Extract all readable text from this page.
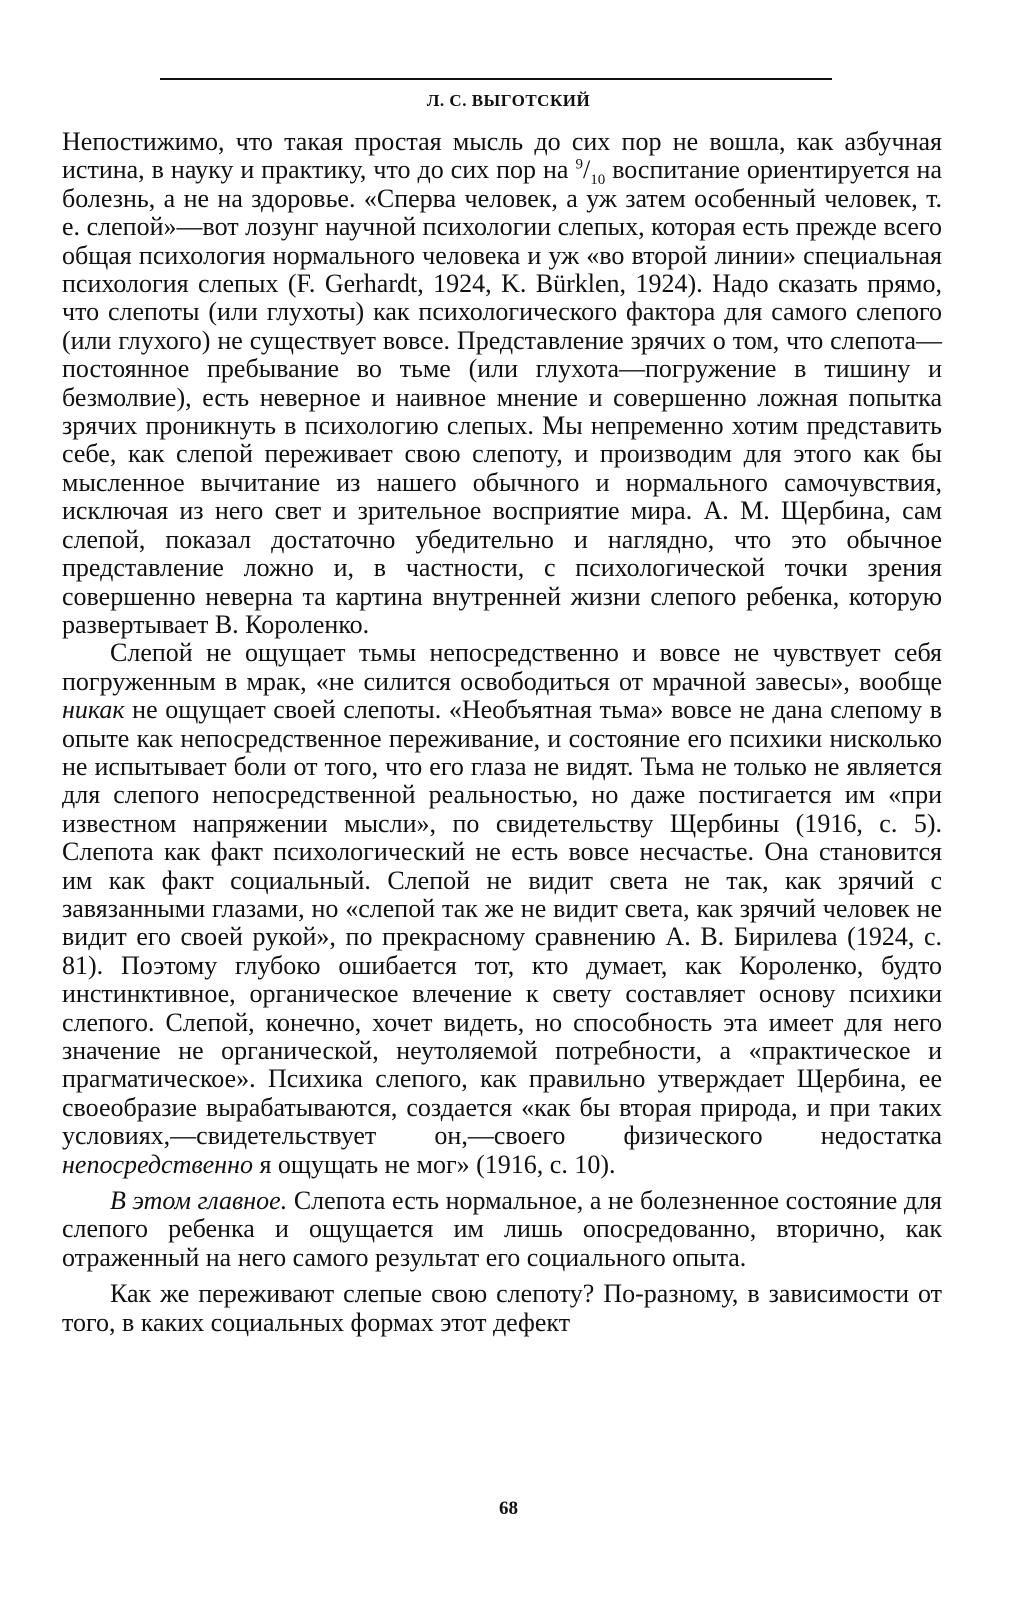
Л. С. ВЫГОТСКИЙ

Непостижимо, что такая простая мысль до сих пор не вошла, как азбучная истина, в науку и практику, что до сих пор на $^9/_{10}$ воспитание ориентируется на болезнь, а не на здоровье. «Сперва человек, а уж затем особенный человек, т. е. слепой»—вот лозунг научной психологии слепых, которая есть прежде всего общая психология нормального человека и уж «во второй линии» специальная психология слепых (F. Gerhardt, 1924, K. Bürklen, 1924). Надо сказать прямо, что слепоты (или глухоты) как психологического фактора для самого слепого (или глухого) не существует вовсе. Представление зрячих о том, что слепота—постоянное пребывание во тьме (или глухота—погружение в тишину и безмолвие), есть неверное и наивное мнение и совершенно ложная попытка зрячих проникнуть в психологию слепых. Мы непременно хотим представить себе, как слепой переживает свою слепоту, и производим для этого как бы мысленное вычитание из нашего обычного и нормального самочувствия, исключая из него свет и зрительное восприятие мира. А. М. Щербина, сам слепой, показал достаточно убедительно и наглядно, что это обычное представление ложно и, в частности, с психологической точки зрения совершенно неверна та картина внутренней жизни слепого ребенка, которую развертывает В. Короленко.

Слепой не ощущает тьмы непосредственно и вовсе не чувствует себя погруженным в мрак, «не силится освободиться от мрачной завесы», вообще никак не ощущает своей слепоты. «Необъятная тьма» вовсе не дана слепому в опыте как непосредственное переживание, и состояние его психики нисколько не испытывает боли от того, что его глаза не видят. Тьма не только не является для слепого непосредственной реальностью, но даже постигается им «при известном напряжении мысли», по свидетельству Щербины (1916, с. 5). Слепота как факт психологический не есть вовсе несчастье. Она становится им как факт социальный. Слепой не видит света не так, как зрячий с завязанными глазами, но «слепой так же не видит света, как зрячий человек не видит его своей рукой», по прекрасному сравнению А. В. Бирилева (1924, с. 81). Поэтому глубоко ошибается тот, кто думает, как Короленко, будто инстинктивное, органическое влечение к свету составляет основу психики слепого. Слепой, конечно, хочет видеть, но способность эта имеет для него значение не органической, неутоляемой потребности, а «практическое и прагматическое». Психика слепого, как правильно утверждает Щербина, ее своеобразие вырабатываются, создается «как бы вторая природа, и при таких условиях,—свидетельствует он,—своего физического недостатка непосредственно я ощущать не мог» (1916, с. 10).

В этом главное. Слепота есть нормальное, а не болезненное состояние для слепого ребенка и ощущается им лишь опосредованно, вторично, как отраженный на него самого результат его социального опыта.

Как же переживают слепые свою слепоту? По-разному, в зависимости от того, в каких социальных формах этот дефект

68
